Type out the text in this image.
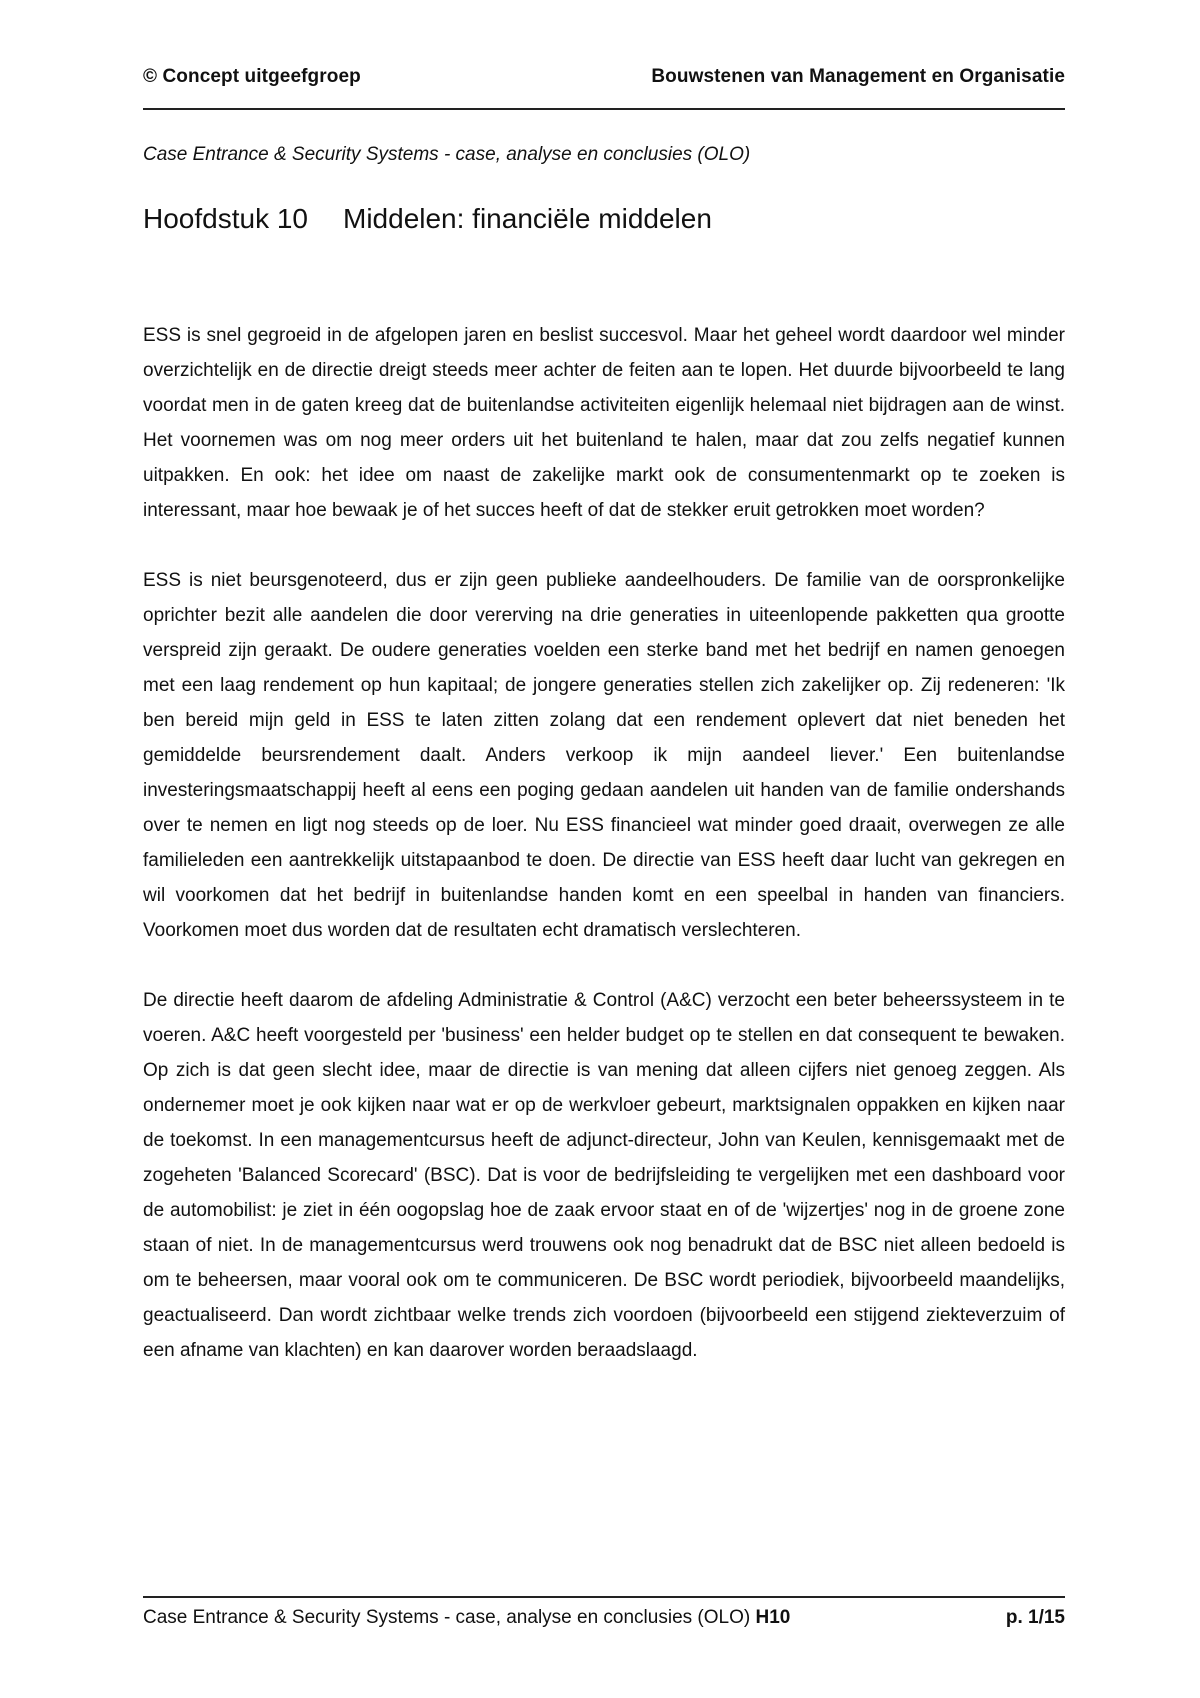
© Concept uitgeefgroep	Bouwstenen van Management en Organisatie
Case Entrance & Security Systems - case, analyse en conclusies (OLO)
Hoofdstuk 10	Middelen: financiële middelen

ESS is snel gegroeid in de afgelopen jaren en beslist succesvol. Maar het geheel wordt daardoor wel minder overzichtelijk en de directie dreigt steeds meer achter de feiten aan te lopen. Het duurde bijvoorbeeld te lang voordat men in de gaten kreeg dat de buitenlandse activiteiten eigenlijk helemaal niet bijdragen aan de winst. Het voornemen was om nog meer orders uit het buitenland te halen, maar dat zou zelfs negatief kunnen uitpakken. En ook: het idee om naast de zakelijke markt ook de consumentenmarkt op te zoeken is interessant, maar hoe bewaak je of het succes heeft of dat de stekker eruit getrokken moet worden?

ESS is niet beursgenoteerd, dus er zijn geen publieke aandeelhouders. De familie van de oorspronkelijke oprichter bezit alle aandelen die door vererving na drie generaties in uiteenlopende pakketten qua grootte verspreid zijn geraakt. De oudere generaties voelden een sterke band met het bedrijf en namen genoegen met een laag rendement op hun kapitaal; de jongere generaties stellen zich zakelijker op. Zij redeneren: 'Ik ben bereid mijn geld in ESS te laten zitten zolang dat een rendement oplevert dat niet beneden het gemiddelde beursrendement daalt. Anders verkoop ik mijn aandeel liever.' Een buitenlandse investeringsmaatschappij heeft al eens een poging gedaan aandelen uit handen van de familie ondershands over te nemen en ligt nog steeds op de loer. Nu ESS financieel wat minder goed draait, overwegen ze alle familieleden een aantrekkelijk uitstapaanbod te doen. De directie van ESS heeft daar lucht van gekregen en wil voorkomen dat het bedrijf in buitenlandse handen komt en een speelbal in handen van financiers. Voorkomen moet dus worden dat de resultaten echt dramatisch verslechteren.

De directie heeft daarom de afdeling Administratie & Control (A&C) verzocht een beter beheerssysteem in te voeren. A&C heeft voorgesteld per 'business' een helder budget op te stellen en dat consequent te bewaken. Op zich is dat geen slecht idee, maar de directie is van mening dat alleen cijfers niet genoeg zeggen. Als ondernemer moet je ook kijken naar wat er op de werkvloer gebeurt, marktsignalen oppakken en kijken naar de toekomst. In een managementcursus heeft de adjunct-directeur, John van Keulen, kennisgemaakt met de zogeheten 'Balanced Scorecard' (BSC). Dat is voor de bedrijfsleiding te vergelijken met een dashboard voor de automobilist: je ziet in één oogopslag hoe de zaak ervoor staat en of de 'wijzertjes' nog in de groene zone staan of niet. In de managementcursus werd trouwens ook nog benadrukt dat de BSC niet alleen bedoeld is om te beheersen, maar vooral ook om te communiceren. De BSC wordt periodiek, bijvoorbeeld maandelijks, geactualiseerd. Dan wordt zichtbaar welke trends zich voordoen (bijvoorbeeld een stijgend ziekteverzuim of een afname van klachten) en kan daarover worden beraadslaagd.

Case Entrance & Security Systems - case, analyse en conclusies (OLO) H10	p. 1/15
